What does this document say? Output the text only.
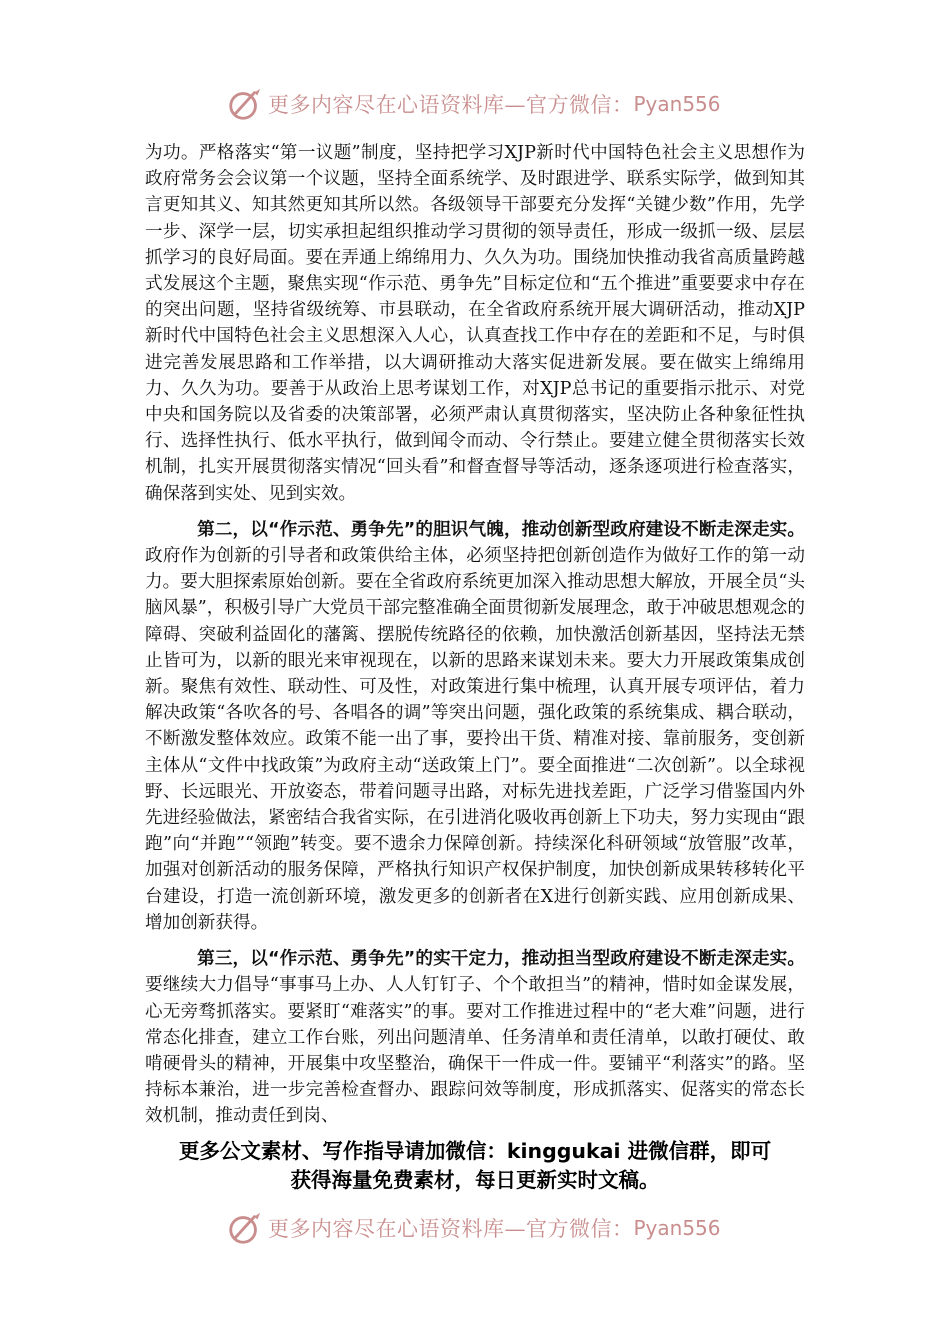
更多内容尽在心语资料库—官方微信： Pyan556

为功。严格落实“第一议题”制度，坚持把学习XJP新时代中国特色社会主义思想作为政府常务会会议第一个议题，坚持全面系统学、及时跟进学、联系实际学，做到知其言更知其义、知其然更知其所以然。各级领导干部要充分发挥“关键少数”作用，先学一步、深学一层，切实承担起组织推动学习贯彻的领导责任，形成一级抓一级、层层抓学习的良好局面。要在弄通上绵绵用力、久久为功。围绕加快推动我省高质量跨越式发展这个主题，聚焦实现“作示范、勇争先”目标定位和“五个推进”重要要求中存在的突出问题，坚持省级统筹、市县联动，在全省政府系统开展大调研活动，推动XJP新时代中国特色社会主义思想深入人心，认真查找工作中存在的差距和不足，与时俱进完善发展思路和工作举措，以大调研推动大落实促进新发展。要在做实上绵绵用力、久久为功。要善于从政治上思考谋划工作，对XJP总书记的重要指示批示、对党中央和国务院以及省委的决策部署，必须严肃认真贯彻落实，坚决防止各种象征性执行、选择性执行、低水平执行，做到闻令而动、令行禁止。要建立健全贯彻落实长效机制，扎实开展贯彻落实情况“回头看”和督查督导等活动，逐条逐项进行检查落实，确保落到实处、见到实效。

第二，以“作示范、勇争先”的胆识气魄，推动创新型政府建设不断走深走实。政府作为创新的引导者和政策供给主体，必须坚持把创新创造作为做好工作的第一动力。要大胆探索原始创新。要在全省政府系统更加深入推动思想大解放，开展全员“头脑风暴”，积极引导广大党员干部完整准确全面贯彻新发展理念，敢于冲破思想观念的障碍、突破利益固化的藩篱、摆脱传统路径的依赖，加快激活创新基因，坚持法无禁止皆可为，以新的眼光来审视现在，以新的思路来谋划未来。要大力开展政策集成创新。聚焦有效性、联动性、可及性，对政策进行集中梳理，认真开展专项评估，着力解决政策“各吹各的号、各唱各的调”等突出问题，强化政策的系统集成、耦合联动，不断激发整体效应。政策不能一出了事，要拎出干货、精准对接、靠前服务，变创新主体从“文件中找政策”为政府主动“送政策上门”。要全面推进“二次创新”。以全球视野、长远眼光、开放姿态，带着问题寻出路，对标先进找差距，广泛学习借鉴国内外先进经验做法，紧密结合我省实际，在引进消化吸收再创新上下功夫，努力实现由“跟跑”向“并跑”“领跑”转变。要不遗余力保障创新。持续深化科研领域“放管服”改革，加强对创新活动的服务保障，严格执行知识产权保护制度，加快创新成果转移转化平台建设，打造一流创新环境，激发更多的创新者在X进行创新实践、应用创新成果、增加创新获得。

第三，以“作示范、勇争先”的实干定力，推动担当型政府建设不断走深走实。要继续大力倡导“事事马上办、人人钉钉子、个个敢担当”的精神，惜时如金谋发展，心无旁骛抓落实。要紧盯“难落实”的事。要对工作推进过程中的“老大难”问题，进行常态化排查，建立工作台账，列出问题清单、任务清单和责任清单，以敢打硬仗、敢啃硬骨头的精神，开展集中攻坚整治，确保干一件成一件。要铺平“利落实”的路。坚持标本兼治，进一步完善检查督办、跟踪问效等制度，形成抓落实、促落实的常态长效机制，推动责任到岗、

更多公文素材、写作指导请加微信：kinggukai 进微信群，即可
获得海量免费素材，每日更新实时文稿。
更多内容尽在心语资料库—官方微信： Pyan556
